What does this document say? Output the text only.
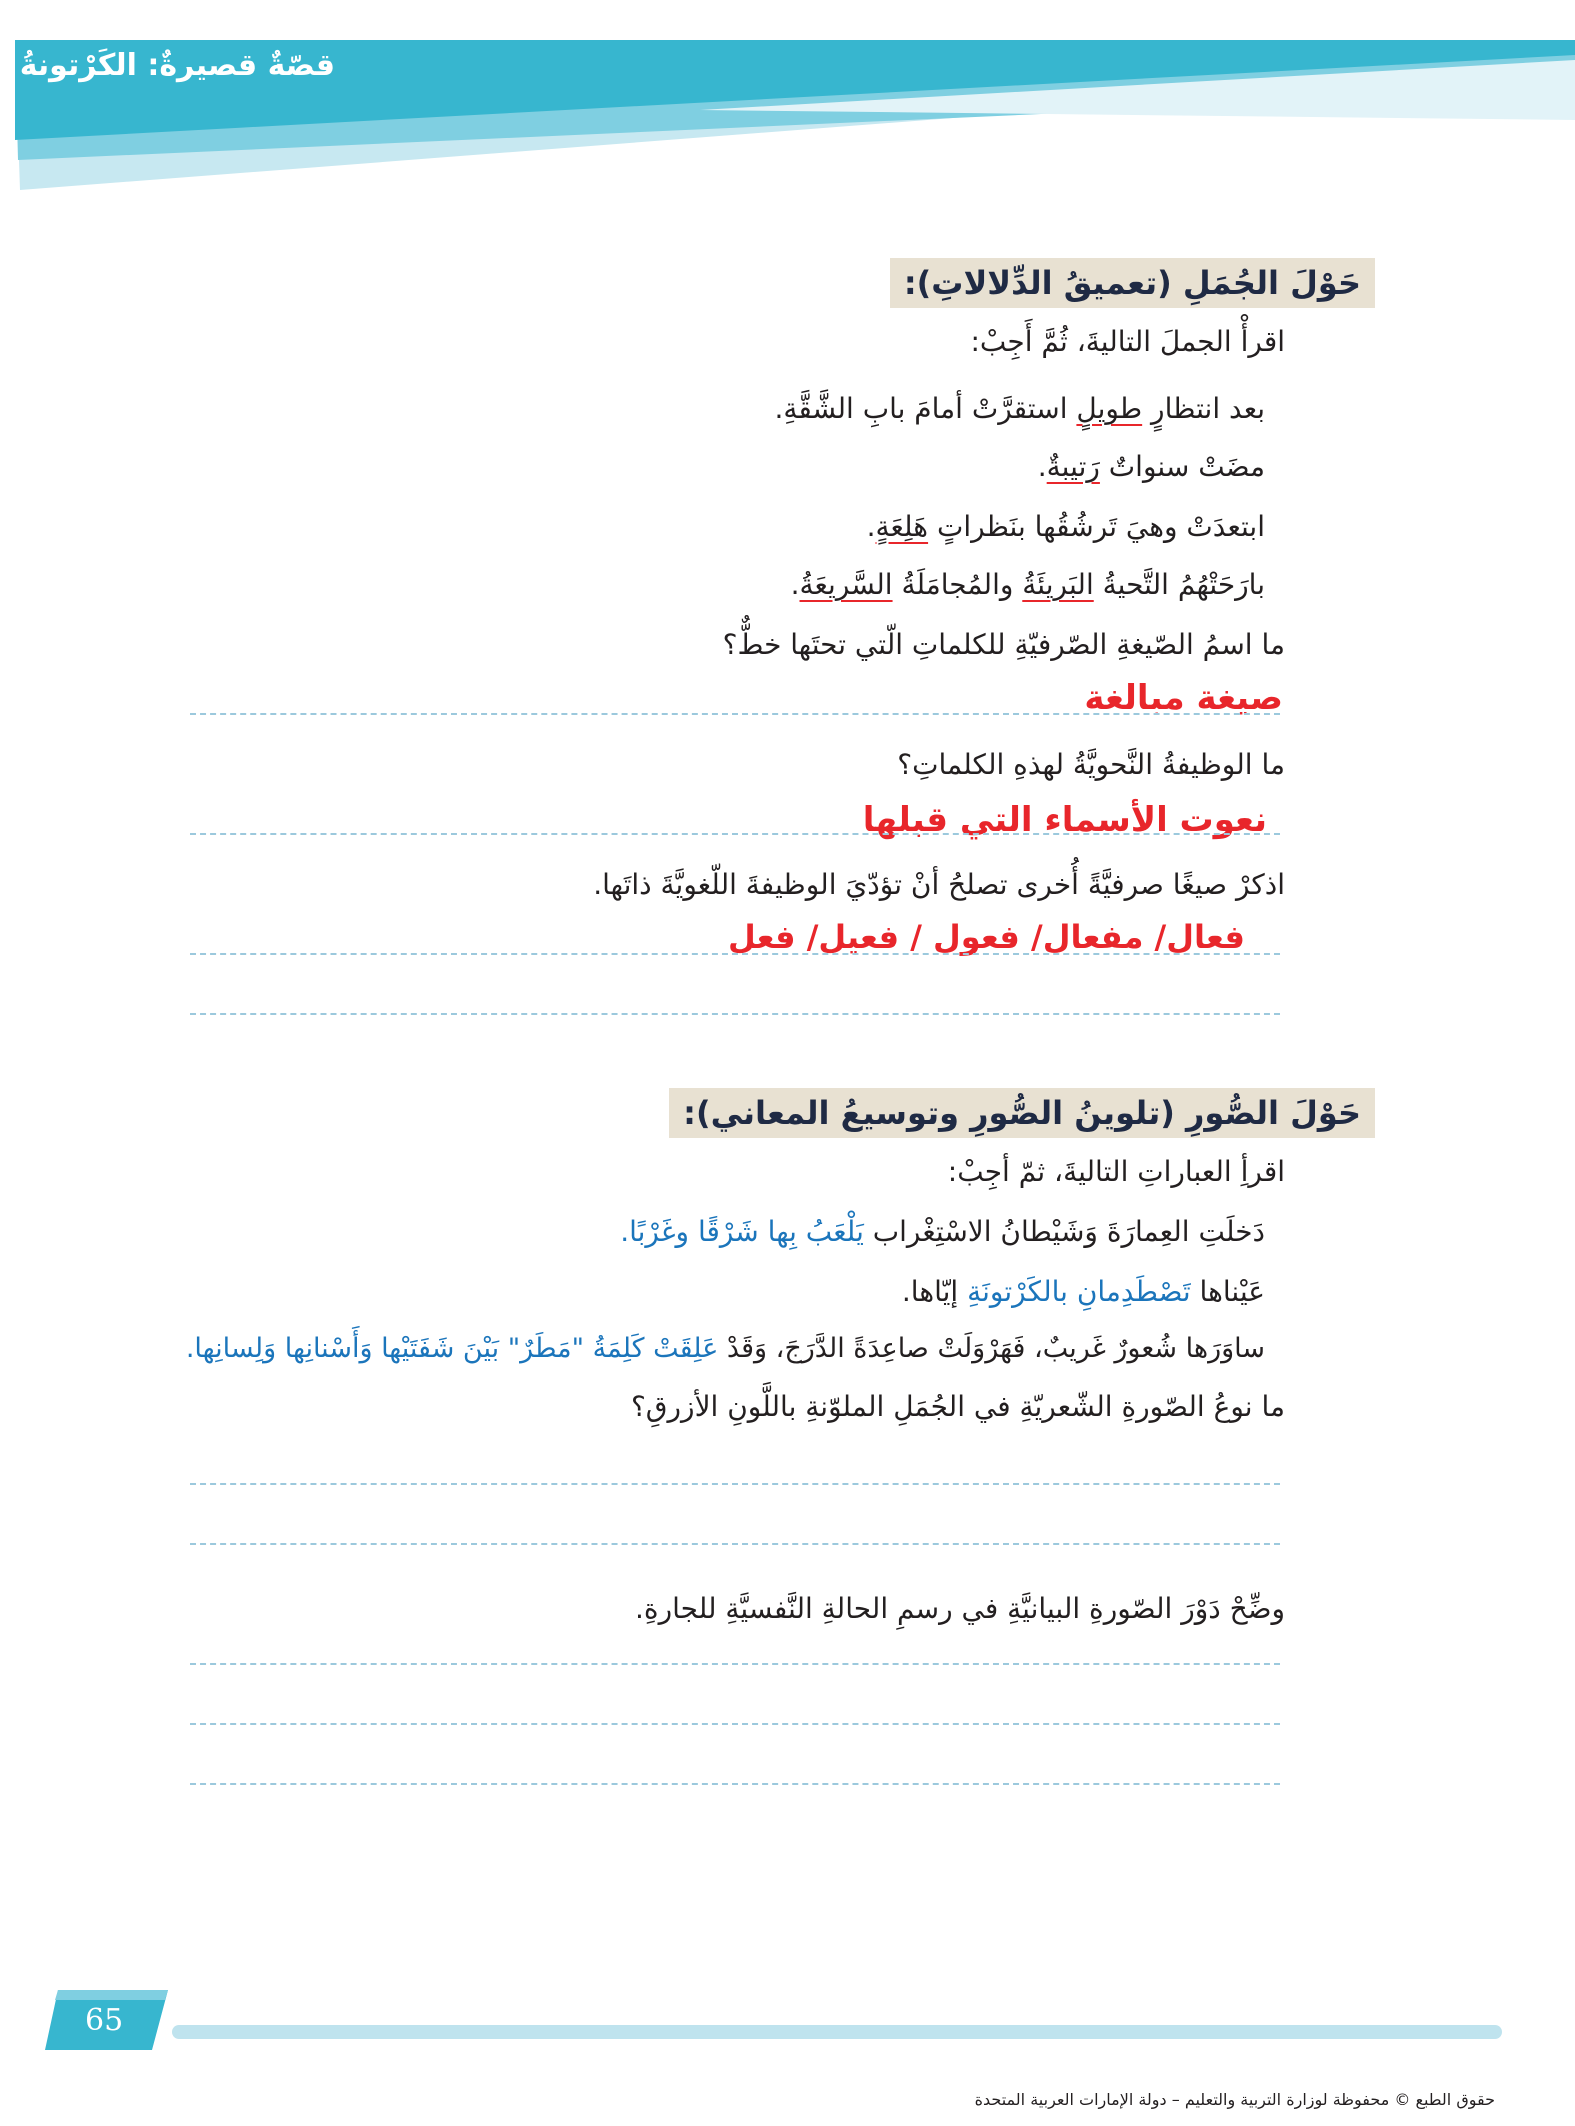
قصّةٌ قصيرةٌ: الكَرْتونةُ
حَوْلَ الجُمَلِ (تعميقُ الدِّلالاتِ):
اقرأْ الجملَ التاليةَ، ثُمَّ أَجِبْ:
بعد انتظارٍ طويلٍ استقرَّتْ أمامَ بابِ الشَّقَّةِ.
مضَتْ سنواتٌ رَتيبةٌ.
ابتعدَتْ وهيَ تَرشُقُها بنَظراتٍ هَلِعَةٍ.
بارَحَتْهُمُ التَّحيةُ البَريئَةُ والمُجامَلَةُ السَّريعَةُ.
ما اسمُ الصّيغةِ الصّرفيّةِ للكلماتِ الّتي تحتَها خطٌّ؟
صيغة مبالغة
ما الوظيفةُ النَّحويَّةُ لهذهِ الكلماتِ؟
نعوت الأسماء التي قبلها
اذكرْ صيغًا صرفيَّةً أُخرى تصلحُ أنْ تؤدّيَ الوظيفةَ اللّغويَّةَ ذاتَها.
فعال/ مفعال/ فعول / فعيل/ فعل
حَوْلَ الصُّورِ (تلوينُ الصُّورِ وتوسيعُ المعاني):
اقرأِ العباراتِ التاليةَ، ثمّ أجِبْ:
دَخلَتِ العِمارَةَ وَشَيْطانُ الاسْتِغْراب يَلْعَبُ بِها شَرْقًا وغَرْبًا.
عَيْناها تَصْطَدِمانِ بالكَرْتونَةِ إيّاها.
ساوَرَها شُعورٌ غَريبٌ، فَهَرْوَلَتْ صاعِدَةً الدَّرَجَ، وَقَدْ عَلِقَتْ كَلِمَةُ "مَطَرٌ" بَيْنَ شَفَتَيْها وَأَسْنانِها وَلِسانِها.
ما نوعُ الصّورةِ الشّعريّةِ في الجُمَلِ الملوّنةِ باللَّونِ الأزرقِ؟
وضِّحْ دَوْرَ الصّورةِ البيانيَّةِ في رسمِ الحالةِ النَّفسيَّةِ للجارةِ.
65
حقوق الطبع © محفوظة لوزارة التربية والتعليم – دولة الإمارات العربية المتحدة
